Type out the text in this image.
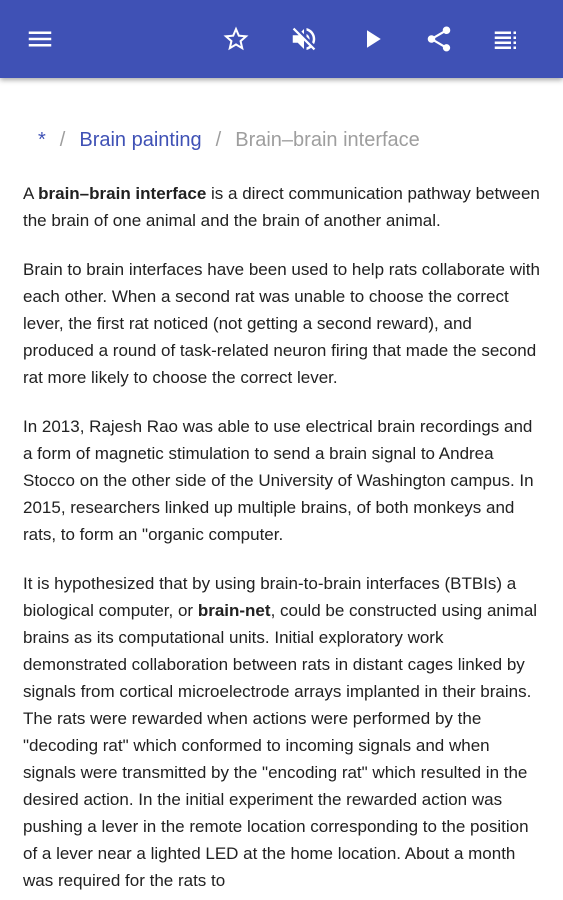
* / Brain painting / Brain–brain interface

A brain–brain interface is a direct communication pathway between the brain of one animal and the brain of another animal.

Brain to brain interfaces have been used to help rats collaborate with each other. When a second rat was unable to choose the correct lever, the first rat noticed (not getting a second reward), and produced a round of task-related neuron firing that made the second rat more likely to choose the correct lever.

In 2013, Rajesh Rao was able to use electrical brain recordings and a form of magnetic stimulation to send a brain signal to Andrea Stocco on the other side of the University of Washington campus. In 2015, researchers linked up multiple brains, of both monkeys and rats, to form an "organic computer.

It is hypothesized that by using brain-to-brain interfaces (BTBIs) a biological computer, or brain-net, could be constructed using animal brains as its computational units. Initial exploratory work demonstrated collaboration between rats in distant cages linked by signals from cortical microelectrode arrays implanted in their brains. The rats were rewarded when actions were performed by the "decoding rat" which conformed to incoming signals and when signals were transmitted by the "encoding rat" which resulted in the desired action. In the initial experiment the rewarded action was pushing a lever in the remote location corresponding to the position of a lever near a lighted LED at the home location. About a month was required for the rats to
